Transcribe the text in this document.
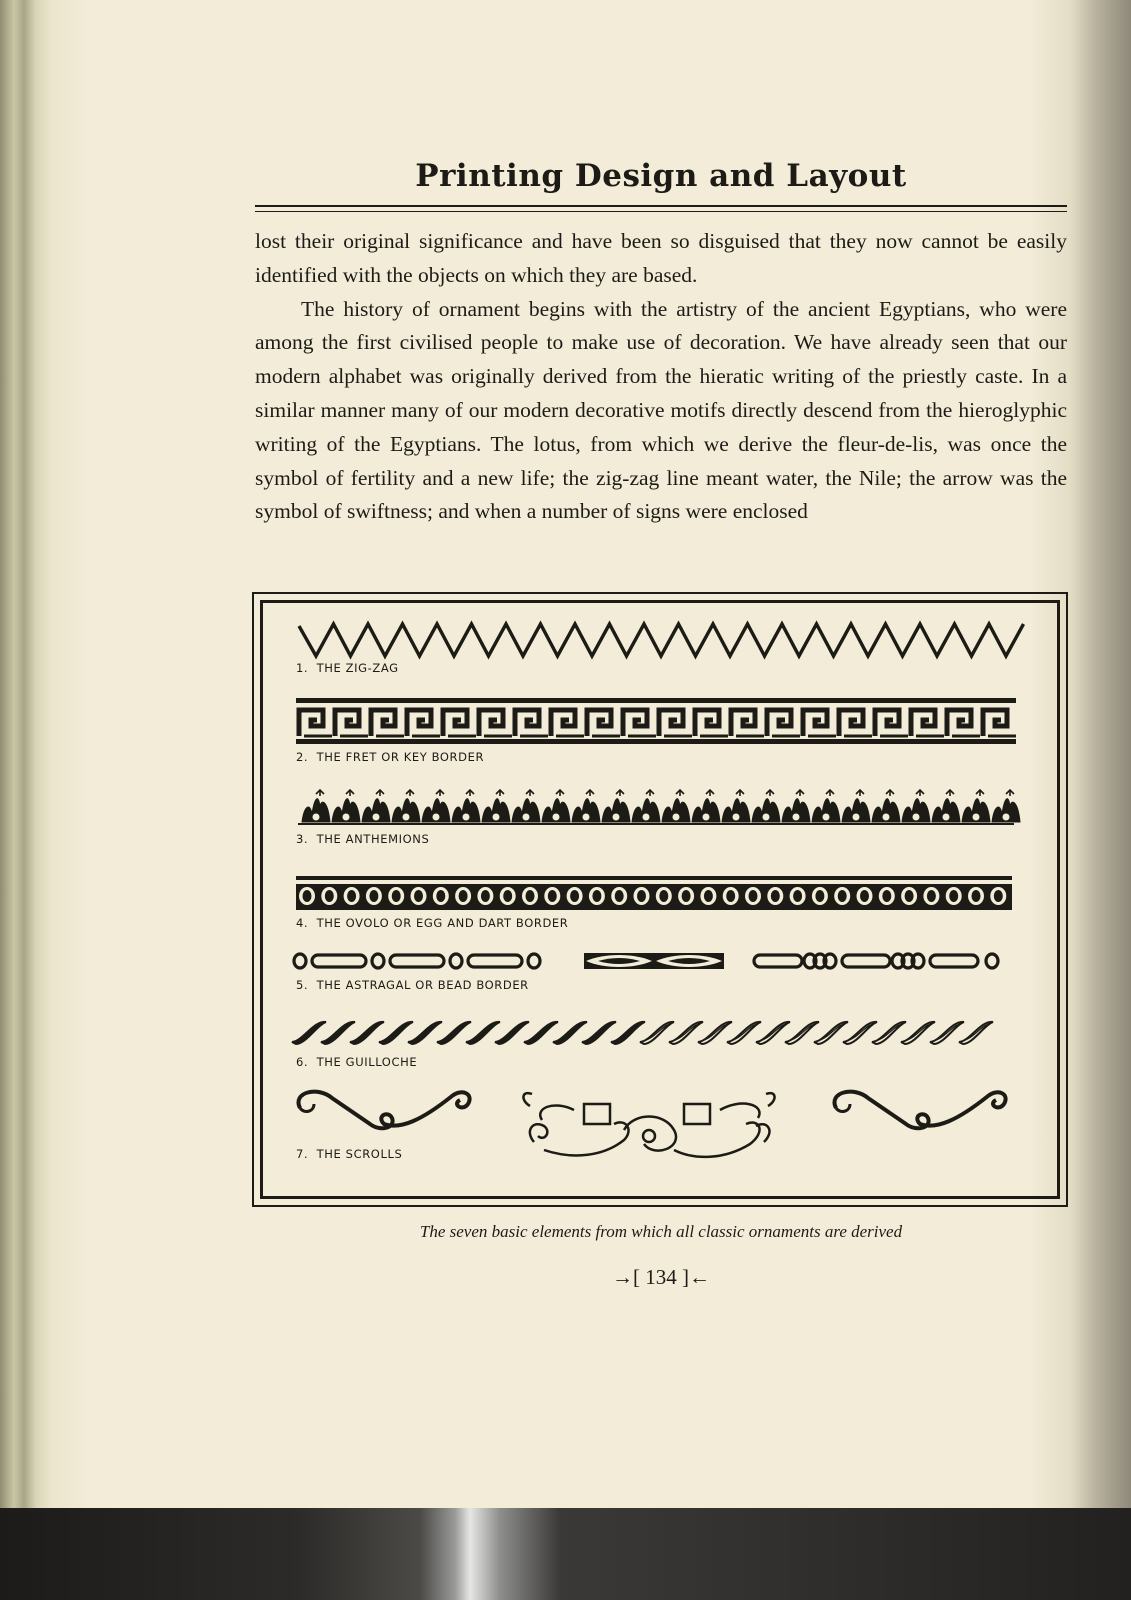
Printing Design and Layout

lost their original significance and have been so disguised that they now cannot be easily identified with the objects on which they are based.

The history of ornament begins with the artistry of the ancient Egyptians, who were among the first civilised people to make use of decoration. We have already seen that our modern alphabet was originally derived from the hieratic writing of the priestly caste. In a similar manner many of our modern decorative motifs directly descend from the hieroglyphic writing of the Egyptians. The lotus, from which we derive the fleur-de-lis, was once the symbol of fertility and a new life; the zig-zag line meant water, the Nile; the arrow was the symbol of swiftness; and when a number of signs were enclosed

1.  THE ZIG-ZAG
2.  THE FRET OR KEY BORDER
3.  THE ANTHEMIONS
4.  THE OVOLO OR EGG AND DART BORDER
5.  THE ASTRAGAL OR BEAD BORDER
6.  THE GUILLOCHE
7.  THE SCROLLS
The seven basic elements from which all classic ornaments are derived
→[ 134 ]←
